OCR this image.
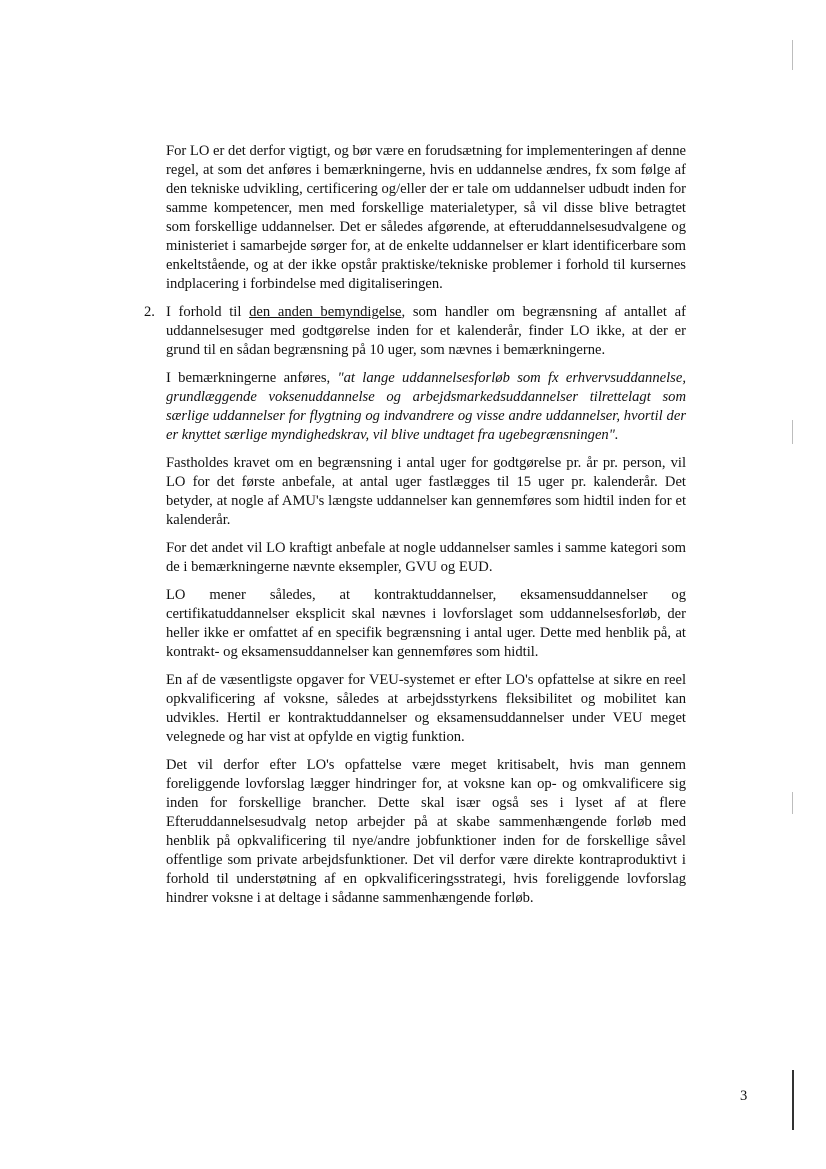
For LO er det derfor vigtigt, og bør være en forudsætning for implementeringen af denne regel, at som det anføres i bemærkningerne, hvis en uddannelse ændres, fx som følge af den tekniske udvikling, certificering og/eller der er tale om uddannelser udbudt inden for samme kompetencer, men med forskellige materialetyper, så vil disse blive betragtet som forskellige uddannelser. Det er således afgørende, at efteruddannelsesudvalgene og ministeriet i samarbejde sørger for, at de enkelte uddannelser er klart identificerbare som enkeltstående, og at der ikke opstår praktiske/tekniske problemer i forhold til kursernes indplacering i forbindelse med digitaliseringen.

2. I forhold til den anden bemyndigelse, som handler om begrænsning af antallet af uddannelsesuger med godtgørelse inden for et kalenderår, finder LO ikke, at der er grund til en sådan begrænsning på 10 uger, som nævnes i bemærkningerne.

I bemærkningerne anføres, "at lange uddannelsesforløb som fx erhvervsuddannelse, grundlæggende voksenuddannelse og arbejdsmarkedsuddannelser tilrettelagt som særlige uddannelser for flygtning og indvandrere og visse andre uddannelser, hvortil der er knyttet særlige myndighedskrav, vil blive undtaget fra ugebegrænsningen".

Fastholdes kravet om en begrænsning i antal uger for godtgørelse pr. år pr. person, vil LO for det første anbefale, at antal uger fastlægges til 15 uger pr. kalenderår. Det betyder, at nogle af AMU's længste uddannelser kan gennemføres som hidtil inden for et kalenderår.

For det andet vil LO kraftigt anbefale at nogle uddannelser samles i samme kategori som de i bemærkningerne nævnte eksempler, GVU og EUD.

LO mener således, at kontraktuddannelser, eksamensuddannelser og certifikatuddannelser eksplicit skal nævnes i lovforslaget som uddannelsesforløb, der heller ikke er omfattet af en specifik begrænsning i antal uger. Dette med henblik på, at kontrakt- og eksamensuddannelser kan gennemføres som hidtil.

En af de væsentligste opgaver for VEU-systemet er efter LO's opfattelse at sikre en reel opkvalificering af voksne, således at arbejdsstyrkens fleksibilitet og mobilitet kan udvikles. Hertil er kontraktuddannelser og eksamensuddannelser under VEU meget velegnede og har vist at opfylde en vigtig funktion.

Det vil derfor efter LO's opfattelse være meget kritisabelt, hvis man gennem foreliggende lovforslag lægger hindringer for, at voksne kan op- og omkvalificere sig inden for forskellige brancher. Dette skal især også ses i lyset af at flere Efteruddannelsesudvalg netop arbejder på at skabe sammenhængende forløb med henblik på opkvalificering til nye/andre jobfunktioner inden for de forskellige såvel offentlige som private arbejdsfunktioner. Det vil derfor være direkte kontraproduktivt i forhold til understøtning af en opkvalificeringsstrategi, hvis foreliggende lovforslag hindrer voksne i at deltage i sådanne sammenhængende forløb.

3
